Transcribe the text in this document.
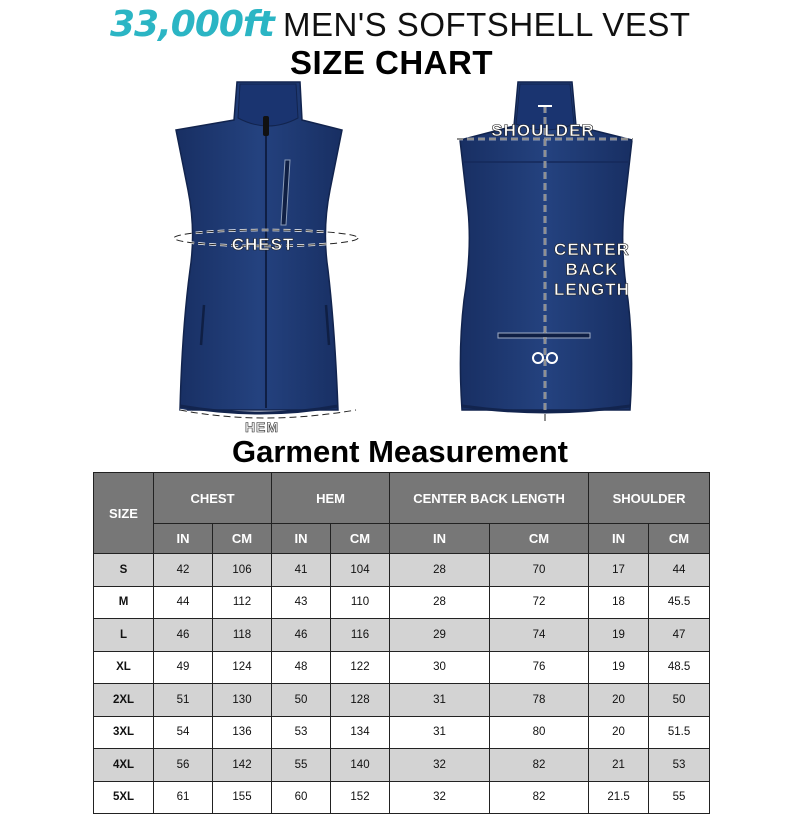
33,000ft MEN'S SOFTSHELL VEST
SIZE CHART
CHEST
HEM
SHOULDER
CENTER
BACK
LENGTH
Garment Measurement
SIZE	CHEST		HEM		CENTER BACK LENGTH		SHOULDER	
	IN	CM	IN	CM	IN	CM	IN	CM
S	42	106	41	104	28	70	17	44
M	44	112	43	110	28	72	18	45.5
L	46	118	46	116	29	74	19	47
XL	49	124	48	122	30	76	19	48.5
2XL	51	130	50	128	31	78	20	50
3XL	54	136	53	134	31	80	20	51.5
4XL	56	142	55	140	32	82	21	53
5XL	61	155	60	152	32	82	21.5	55
